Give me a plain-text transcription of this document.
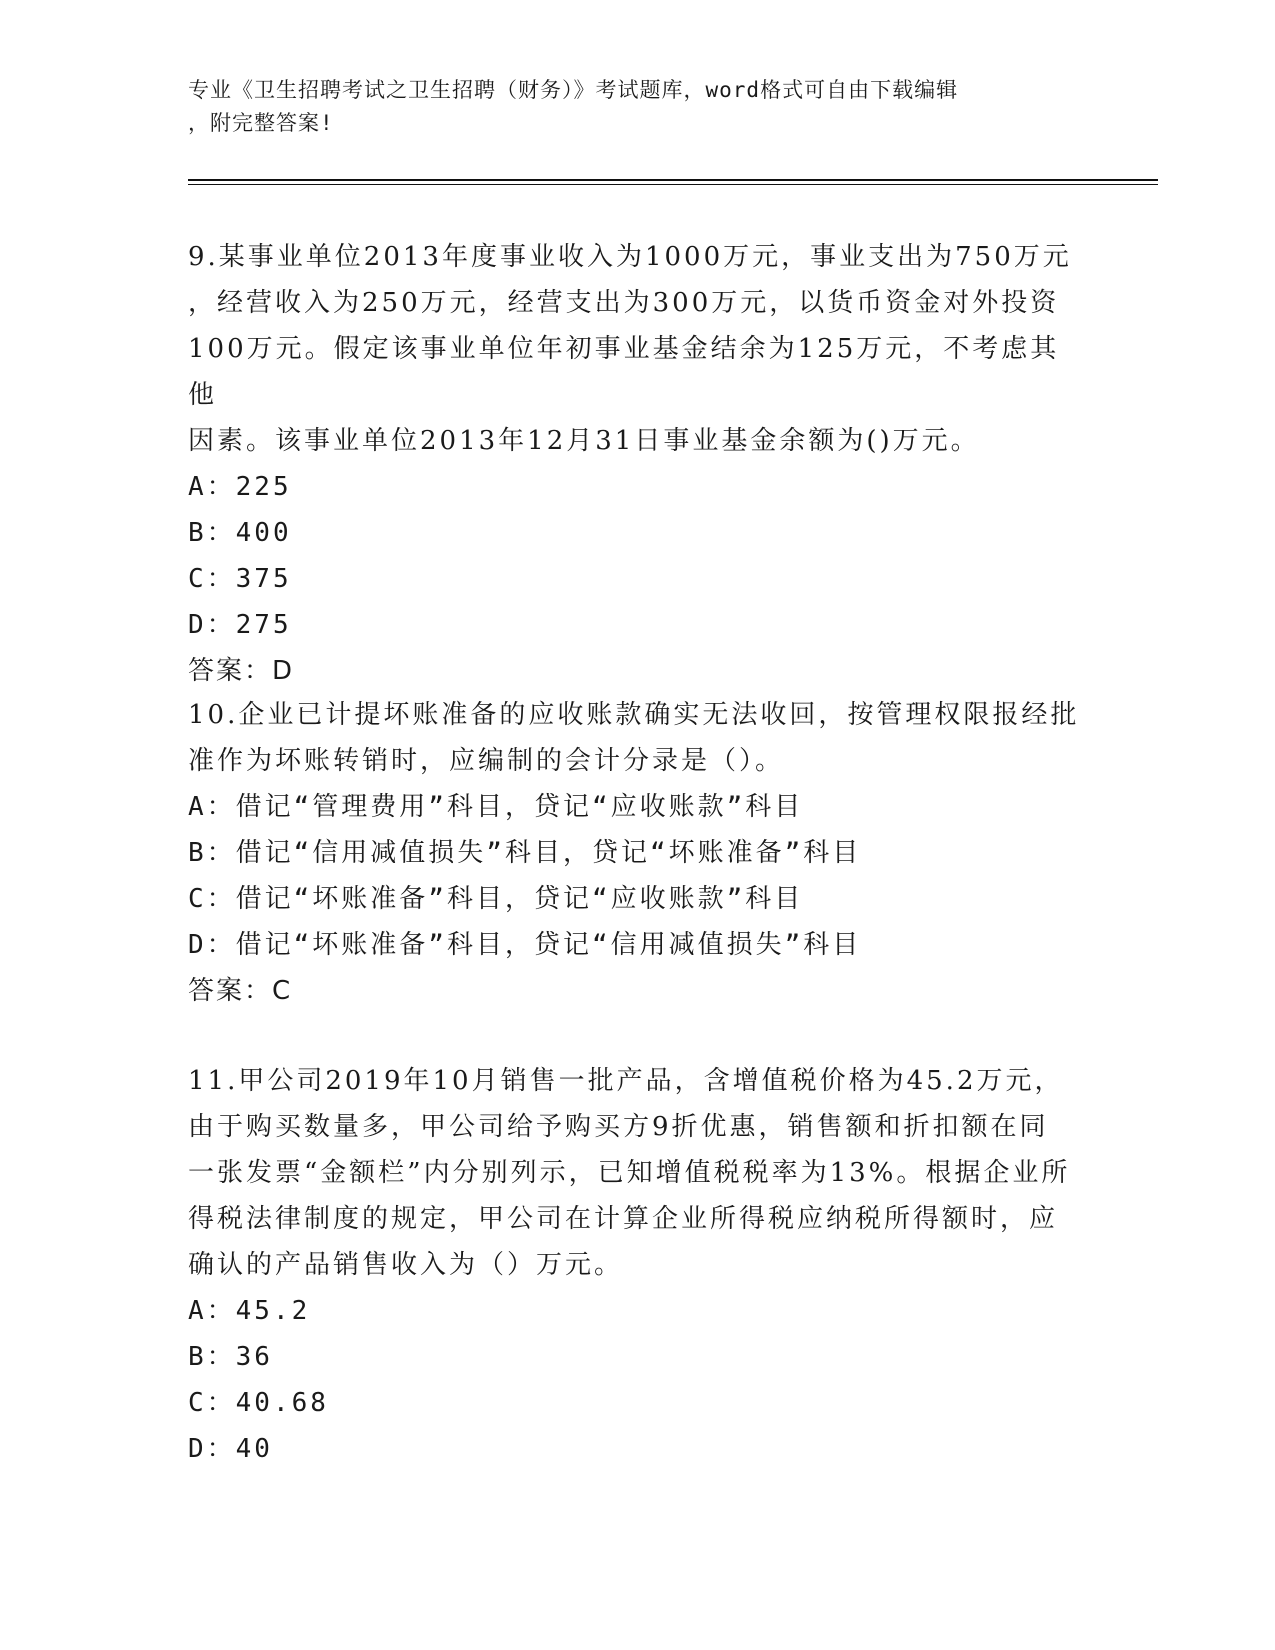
专业《卫生招聘考试之卫生招聘（财务）》考试题库，word格式可自由下载编辑
，附完整答案!

9.某事业单位2013年度事业收入为1000万元，事业支出为750万元

，经营收入为250万元，经营支出为300万元，以货币资金对外投资

100万元。假定该事业单位年初事业基金结余为125万元，不考虑其他

因素。该事业单位2013年12月31日事业基金余额为()万元。

A：225

B：400

C：375

D：275

答案：D

10.企业已计提坏账准备的应收账款确实无法收回，按管理权限报经批

准作为坏账转销时，应编制的会计分录是（）。

A：借记“管理费用”科目，贷记“应收账款”科目

B：借记“信用减值损失”科目，贷记“坏账准备”科目

C：借记“坏账准备”科目，贷记“应收账款”科目

D：借记“坏账准备”科目，贷记“信用减值损失”科目

答案：C

11.甲公司2019年10月销售一批产品，含增值税价格为45.2万元，

由于购买数量多，甲公司给予购买方9折优惠，销售额和折扣额在同

一张发票“金额栏”内分别列示，已知增值税税率为13%。根据企业所

得税法律制度的规定，甲公司在计算企业所得税应纳税所得额时，应

确认的产品销售收入为（）万元。

A：45.2

B：36

C：40.68

D：40
